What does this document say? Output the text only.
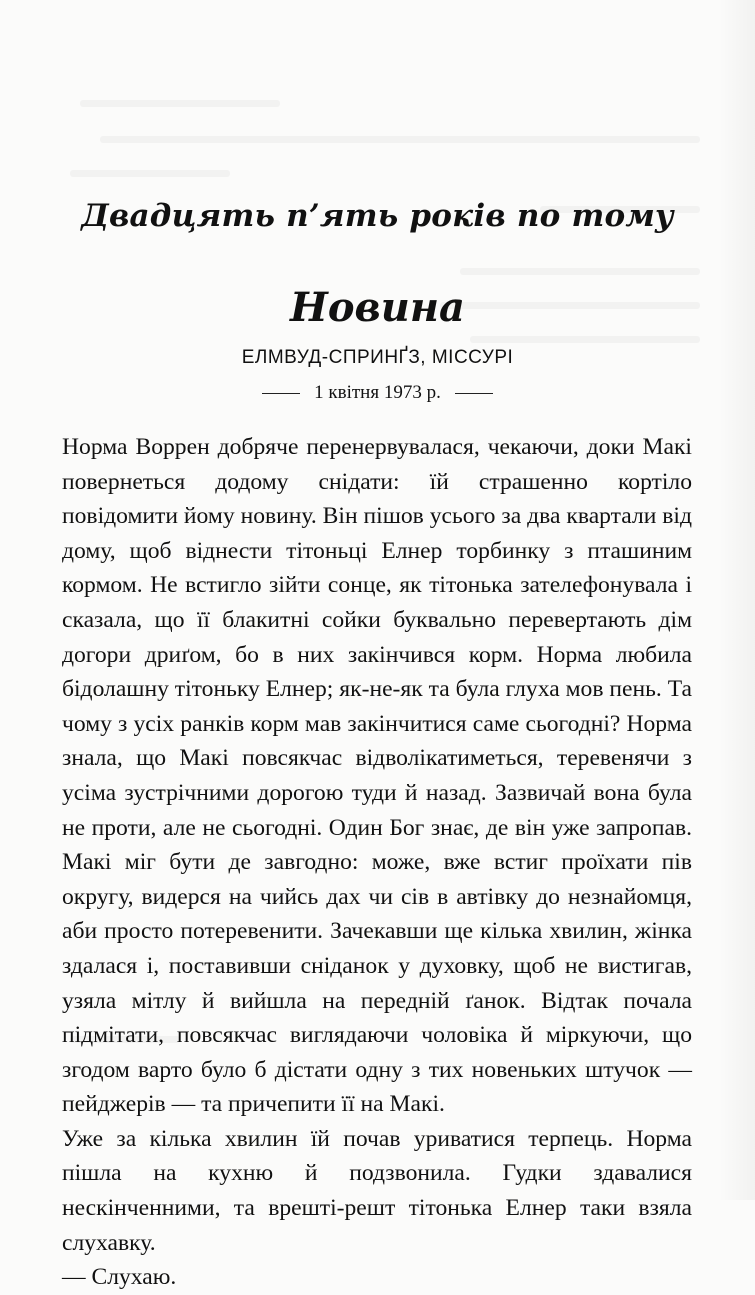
Двадцять п’ять років по тому
Новина
ЕЛМВУД-СПРИНҐЗ, МІССУРІ
1 квітня 1973 р.

Норма Воррен добряче перенервувалася, чекаючи, доки Макі повернеться додому снідати: їй страшенно кортіло повідомити йому новину. Він пішов усього за два квартали від дому, щоб віднести тітоньці Елнер торбинку з пташиним кормом. Не встигло зійти сонце, як тітонька зателефонувала і сказала, що її блакитні сойки буквально перевертають дім догори дриґом, бо в них закінчився корм. Норма любила бідолашну тітоньку Елнер; як-не-як та була глуха мов пень. Та чому з усіх ранків корм мав закінчитися саме сьогодні? Норма знала, що Макі повсякчас відволікатиметься, теревенячи з усіма зустрічними дорогою туди й назад. Зазвичай вона була не проти, але не сьогодні. Один Бог знає, де він уже запропав. Макі міг бути де завгодно: може, вже встиг проїхати пів округу, видерся на чийсь дах чи сів в автівку до незнайомця, аби просто потеревенити. Зачекавши ще кілька хвилин, жінка здалася і, поставивши сніданок у духовку, щоб не вистигав, узяла мітлу й вийшла на передній ґанок. Відтак почала підмітати, повсякчас виглядаючи чоловіка й міркуючи, що згодом варто було б дістати одну з тих новеньких штучок — пейджерів — та причепити її на Макі.

Уже за кілька хвилин їй почав уриватися терпець. Норма пішла на кухню й подзвонила. Гудки здавалися нескінченними, та врешті-решт тітонька Елнер таки взяла слухавку.

— Слухаю.
